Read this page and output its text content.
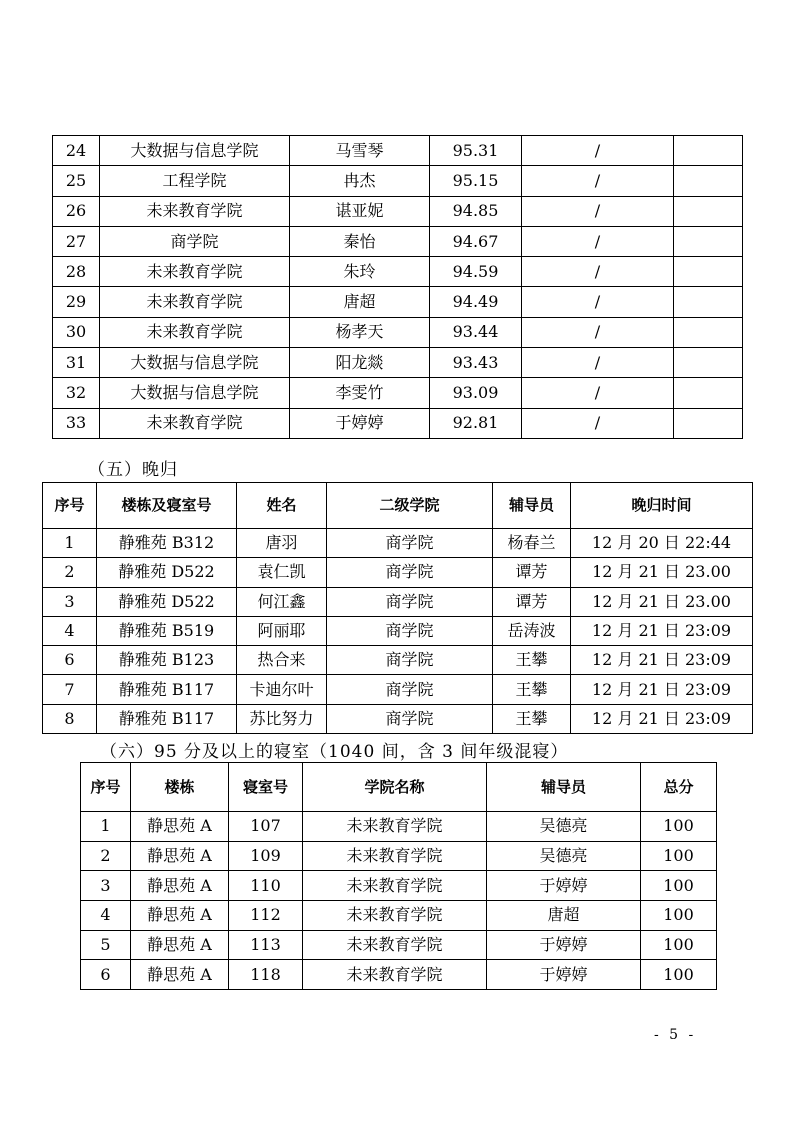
24	大数据与信息学院	马雪琴	95.31	/	
25	工程学院	冉杰	95.15	/	
26	未来教育学院	谌亚妮	94.85	/	
27	商学院	秦怡	94.67	/	
28	未来教育学院	朱玲	94.59	/	
29	未来教育学院	唐超	94.49	/	
30	未来教育学院	杨孝天	93.44	/	
31	大数据与信息学院	阳龙燚	93.43	/	
32	大数据与信息学院	李雯竹	93.09	/	
33	未来教育学院	于婷婷	92.81	/	
（五）晚归
序号	楼栋及寝室号	姓名	二级学院	辅导员	晚归时间
1	静雅苑 B312	唐羽	商学院	杨春兰	12 月 20 日 22:44
2	静雅苑 D522	袁仁凯	商学院	谭芳	12 月 21 日 23.00
3	静雅苑 D522	何江鑫	商学院	谭芳	12 月 21 日 23.00
4	静雅苑 B519	阿丽耶	商学院	岳涛波	12 月 21 日 23:09
6	静雅苑 B123	热合来	商学院	王攀	12 月 21 日 23:09
7	静雅苑 B117	卡迪尔叶	商学院	王攀	12 月 21 日 23:09
8	静雅苑 B117	苏比努力	商学院	王攀	12 月 21 日 23:09
（六）95 分及以上的寝室（1040 间，含 3 间年级混寝）
序号	楼栋	寝室号	学院名称	辅导员	总分
1	静思苑 A	107	未来教育学院	吴德亮	100
2	静思苑 A	109	未来教育学院	吴德亮	100
3	静思苑 A	110	未来教育学院	于婷婷	100
4	静思苑 A	112	未来教育学院	唐超	100
5	静思苑 A	113	未来教育学院	于婷婷	100
6	静思苑 A	118	未来教育学院	于婷婷	100
- 5 -
